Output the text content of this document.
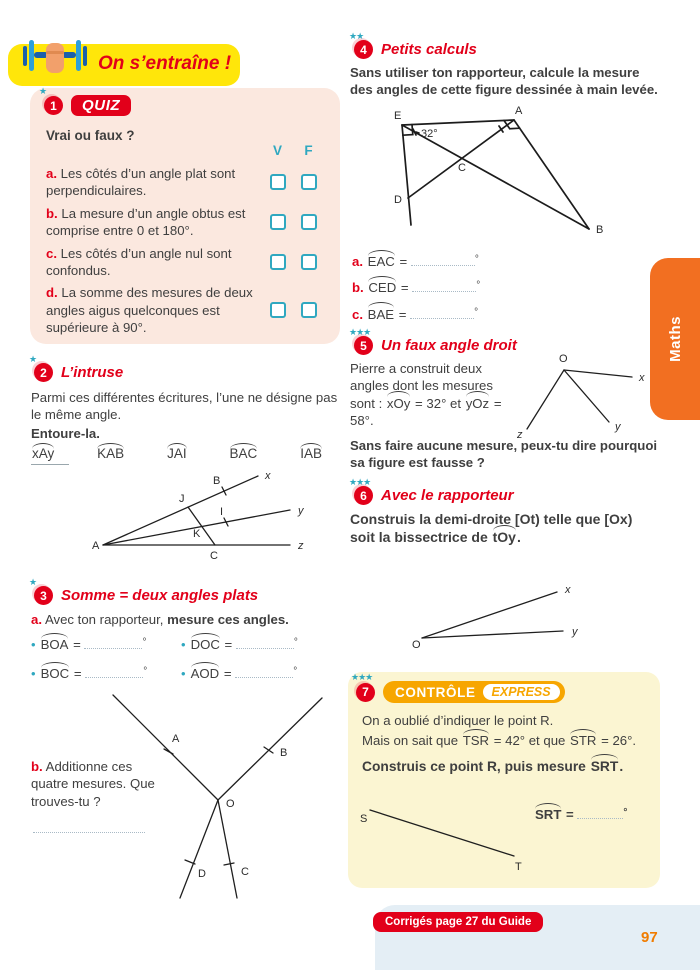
On s’entraîne !
★
1	QUIZ
Vrai ou faux ?
V	F
a. Les côtés d’un angle plat sont perpendiculaires.
b. La mesure d’un angle obtus est comprise entre 0 et 180°.
c. Les côtés d’un angle nul sont confondus.
d. La somme des mesures de deux angles aigus quelconques est supérieure à 90°.
★
2 L’intruse
Parmi ces différentes écritures, l’une ne désigne pas le même angle.
Entoure-la.
xAy	KAB	JAI	BAC	IAB
A
J
B
K
I
C
x
y
z
★
3 Somme = deux angles plats
a. Avec ton rapporteur, mesure ces angles.
• BOA =	°	• DOC =	°
• BOC =	°	• AOD =	°
O
A
B
D	C
b. Additionne ces quatre mesures. Que trouves-tu ?
★★
4 Petits calculs
Sans utiliser ton rapporteur, calcule la mesure des angles de cette figure dessinée à main levée.
32°
E	A
C
D
B
a. EAC =	°
b. CED =	°
c. BAE =	°
★★★
5 Un faux angle droit
Pierre a construit deux angles dont les mesures sont : xOy = 32° et yOz = 58°.
O
x
y
z
Sans faire aucune mesure, peux-tu dire pourquoi sa figure est fausse ?
★★★
6 Avec le rapporteur
Construis la demi-droite [Ot) telle que [Ox) soit la bissectrice de tOy.
O
x
y
★★★
7	CONTRÔLE	EXPRESS
On a oublié d’indiquer le point R.
Mais on sait que TSR = 42° et que STR = 26°.
Construis ce point R, puis mesure SRT.
S
T
SRT =	°
Maths
Corrigés page 27 du Guide
97
